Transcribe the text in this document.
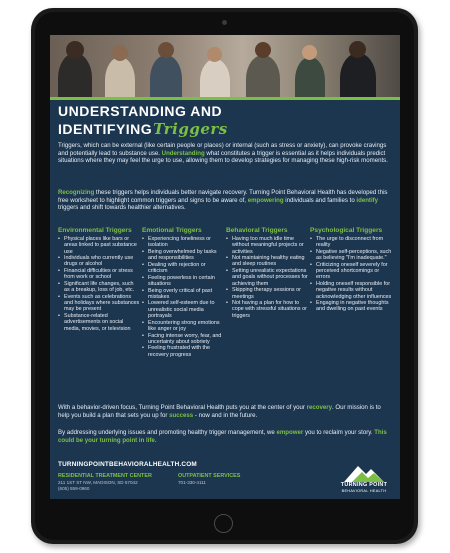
UNDERSTANDING AND
IDENTIFYINGTriggers
Triggers, which can be external (like certain people or places) or internal (such as stress or anxiety), can provoke cravings and potentially lead to substance use. Understanding what constitutes a trigger is essential as it helps individuals predict situations where they may feel the urge to use, allowing them to develop strategies for managing these high-risk moments.
Recognizing these triggers helps individuals better navigate recovery. Turning Point Behavioral Health has developed this free worksheet to highlight common triggers and signs to be aware of, empowering individuals and families to identify triggers and shift towards healthier alternatives.
Environmental Triggers
• Physical places like bars or areas linked to past substance use
• Individuals who currently use drugs or alcohol
• Financial difficulties or stress from work or school
• Significant life changes, such as a breakup, loss of job, etc.
• Events such as celebrations and holidays where substances may be present
• Substance-related advertisements on social media, movies, or television
Emotional Triggers
• Experiencing loneliness or isolation
• Being overwhelmed by tasks and responsibilities
• Dealing with rejection or criticism
• Feeling powerless in certain situations
• Being overly critical of past mistakes
• Lowered self-esteem due to unrealistic social media portrayals
• Encountering strong emotions like anger or joy
• Facing intense worry, fear, and uncertainty about sobriety
• Feeling frustrated with the recovery progress
Behavioral Triggers
• Having too much idle time without meaningful projects or activities
• Not maintaining healthy eating and sleep routines
• Setting unrealistic expectations and goals without processes for achieving them
• Skipping therapy sessions or meetings
• Not having a plan for how to cope with stressful situations or triggers
Psychological Triggers
• The urge to disconnect from reality
• Negative self-perceptions, such as believing "I'm inadequate."
• Criticizing oneself severely for perceived shortcomings or errors
• Holding oneself responsible for negative results without acknowledging other influences
• Engaging in negative thoughts and dwelling on past events
With a behavior-driven focus, Turning Point Behavioral Health puts you at the center of your recovery. Our mission is to help you build a plan that sets you up for success - now and in the future.
By addressing underlying issues and promoting healthy trigger management, we empower you to reclaim your story. This could be your turning point in life.
TURNINGPOINTBEHAVIORALHEALTH.COM
RESIDENTIAL TREATMENT CENTER
211 1ST ST NW, MADISON, SD 57042
(605) 559-0960
OUTPATIENT SERVICES
701-330-4111	TURNING POINT
BEHAVIORAL HEALTH
